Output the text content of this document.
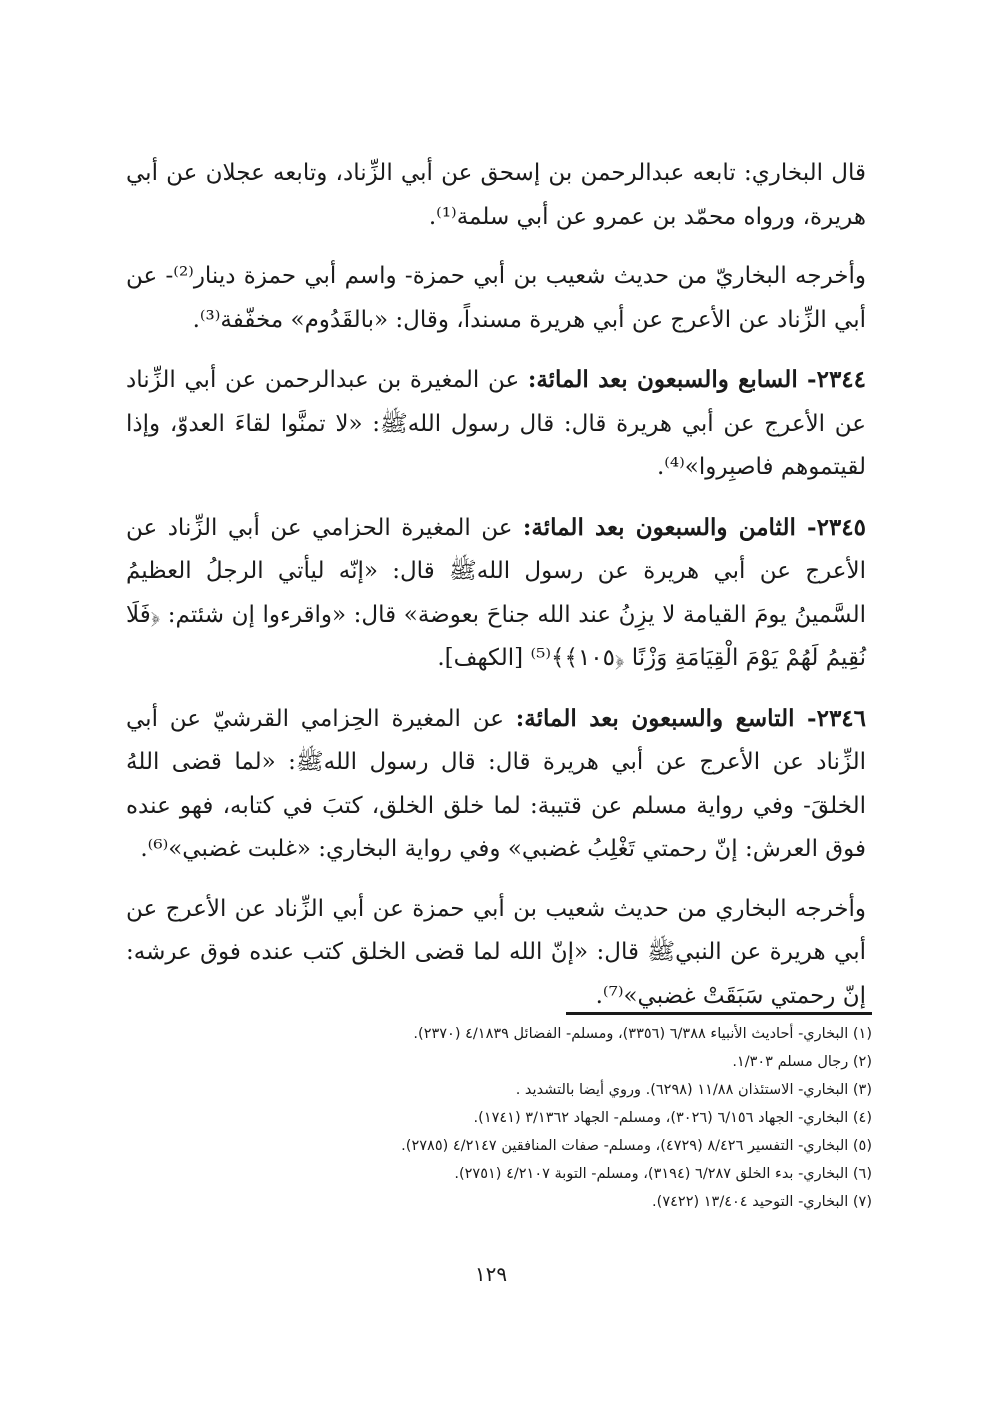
قال البخاري: تابعه عبدالرحمن بن إسحق عن أبي الزِّناد، وتابعه عجلان عن أبي هريرة، ورواه محمّد بن عمرو عن أبي سلمة⁽¹⁾.

وأخرجه البخاريّ من حديث شعيب بن أبي حمزة- واسم أبي حمزة دينار⁽²⁾- عن أبي الزِّناد عن الأعرج عن أبي هريرة مسنداً، وقال: «بالقَدُوم» مخفّفة⁽³⁾.

٢٣٤٤- السابع والسبعون بعد المائة: عن المغيرة بن عبدالرحمن عن أبي الزِّناد عن الأعرج عن أبي هريرة قال: قال رسول اللهﷺ: «لا تمنَّوا لقاءَ العدوّ، وإذا لقيتموهم فاصبِروا»⁽⁴⁾.

٢٣٤٥- الثامن والسبعون بعد المائة: عن المغيرة الحزامي عن أبي الزِّناد عن الأعرج عن أبي هريرة عن رسول اللهﷺ قال: «إنّه ليأتي الرجلُ العظيمُ السَّمينُ يومَ القيامة لا يزِنُ عند الله جناحَ بعوضة» قال: «واقرءوا إن شئتم: ﴿فَلَا نُقِيمُ لَهُمْ يَوْمَ الْقِيَامَةِ وَزْنًا ﴿١٠٥﴾﴾⁽⁵⁾ [الكهف].

٢٣٤٦- التاسع والسبعون بعد المائة: عن المغيرة الحِزامي القرشيّ عن أبي الزِّناد عن الأعرج عن أبي هريرة قال: قال رسول اللهﷺ: «لما قضى اللهُ الخلقَ- وفي رواية مسلم عن قتيبة: لما خلق الخلق، كتبَ في كتابه، فهو عنده فوق العرش: إنّ رحمتي تَغْلِبُ غضبي» وفي رواية البخاري: «غلبت غضبي»⁽⁶⁾.

وأخرجه البخاري من حديث شعيب بن أبي حمزة عن أبي الزِّناد عن الأعرج عن أبي هريرة عن النبيﷺ قال: «إنّ الله لما قضى الخلق كتب عنده فوق عرشه: إنّ رحمتي سَبَقَتْ غضبي»⁽⁷⁾.

(١) البخاري- أحاديث الأنبياء ٦/٣٨٨ (٣٣٥٦)، ومسلم- الفضائل ٤/١٨٣٩ (٢٣٧٠).
(٢) رجال مسلم ١/٣٠٣.
(٣) البخاري- الاستئذان ١١/٨٨ (٦٢٩٨). وروي أيضا بالتشديد .
(٤) البخاري- الجهاد ٦/١٥٦ (٣٠٢٦)، ومسلم- الجهاد ٣/١٣٦٢ (١٧٤١).
(٥) البخاري- التفسير ٨/٤٢٦ (٤٧٢٩)، ومسلم- صفات المنافقين ٤/٢١٤٧ (٢٧٨٥).
(٦) البخاري- بدء الخلق ٦/٢٨٧ (٣١٩٤)، ومسلم- التوبة ٤/٢١٠٧ (٢٧٥١).
(٧) البخاري- التوحيد ١٣/٤٠٤ (٧٤٢٢).
١٢٩
